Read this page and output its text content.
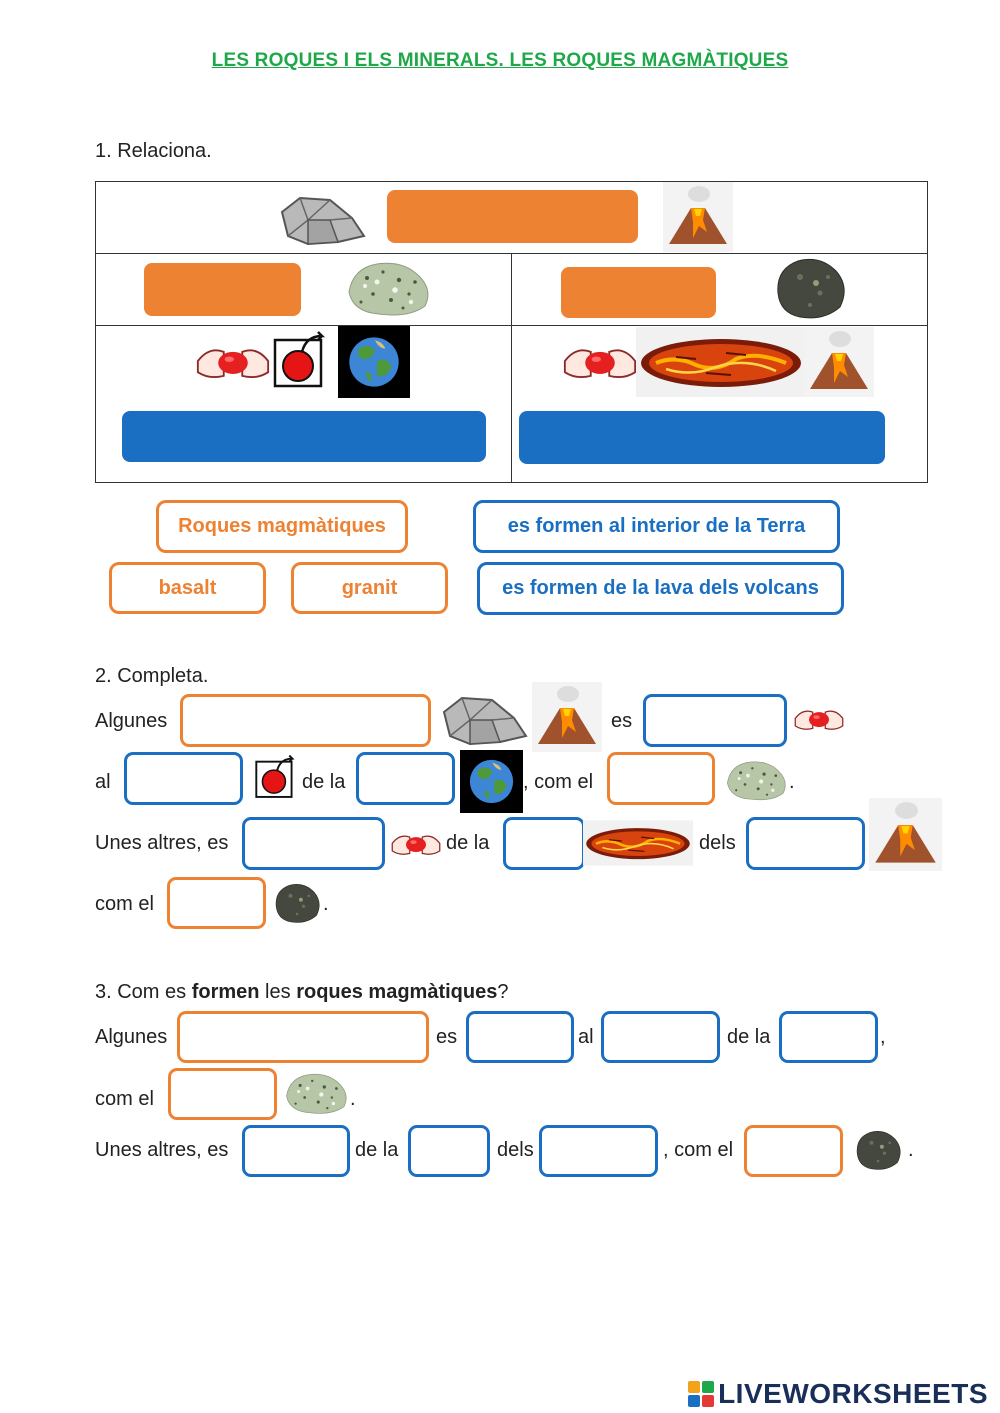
LES ROQUES I ELS MINERALS. LES ROQUES MAGMÀTIQUES
1. Relaciona.
Roques magmàtiques	es formen al interior de la Terra
basalt	granit	es formen de la lava dels volcans
2. Completa.
Algunes	es
al	de la	, com el	.
Unes altres, es	de la	dels
com el	.
3. Com es formen les roques magmàtiques?
Algunes	es	al	de la	,
com el	.
Unes altres, es	de la	dels	, com el	.
LIVEWORKSHEETS
